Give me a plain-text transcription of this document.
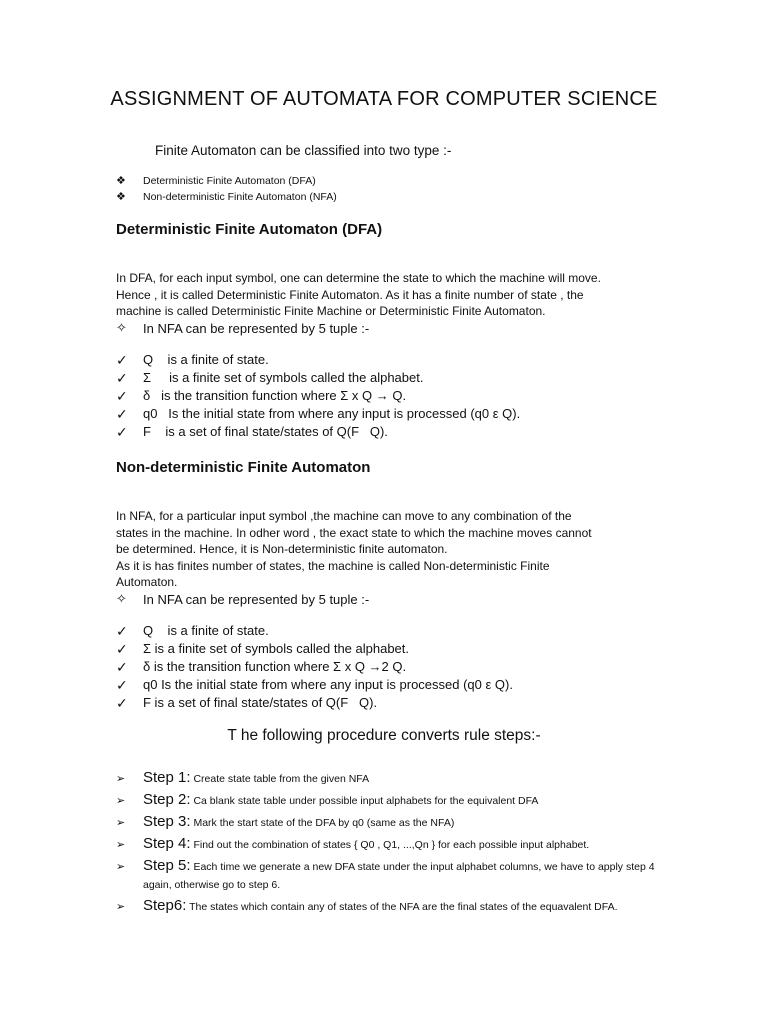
ASSIGNMENT OF AUTOMATA FOR COMPUTER SCIENCE
Finite Automaton can be classified into two type :-
❖	Deterministic Finite Automaton (DFA)
❖	Non-deterministic Finite Automaton (NFA)
Deterministic Finite Automaton (DFA)
In DFA, for each input symbol, one can determine the state to which the machine will move.
Hence , it is called Deterministic Finite Automaton. As it has a finite number of state , the
machine is called Deterministic Finite Machine or Deterministic Finite Automaton.
✧	In NFA can be represented by 5 tuple :-
✓	Q    is a finite of state.
✓	Σ     is a finite set of symbols called the alphabet.
✓	δ   is the transition function where Σ x Q → Q.
✓	q0   Is the initial state from where any input is processed (q0 ε Q).
✓	F    is a set of final state/states of Q(F   Q).
Non-deterministic Finite Automaton
In NFA, for a particular input symbol ,the machine can move to any combination of the
states in the machine. In odher word , the exact state to which the machine moves cannot
be determined. Hence, it is Non-deterministic finite automaton.
As it is has finites number of states, the machine is called Non-deterministic Finite
Automaton.
✧	In NFA can be represented by 5 tuple :-
✓	Q    is a finite of state.
✓	Σ is a finite set of symbols called the alphabet.
✓	δ is the transition function where Σ x Q →2 Q.
✓	q0 Is the initial state from where any input is processed (q0 ε Q).
✓	F is a set of final state/states of Q(F   Q).
T he following procedure converts rule steps:-
➢ Step 1: Create state table from the given NFA
➢ Step 2: Ca blank state table under possible input alphabets for the equivalent DFA
➢ Step 3: Mark the start state of the DFA by q0 (same as the NFA)
➢ Step 4: Find out the combination of states { Q0 , Q1, ...,Qn } for each possible input alphabet.
➢ Step 5: Each time we generate a new DFA state under the input alphabet columns, we have to apply step 4 again, otherwise go to step 6.
➢ Step6: The states which contain any of states of the NFA are the final states of the equavalent DFA.
